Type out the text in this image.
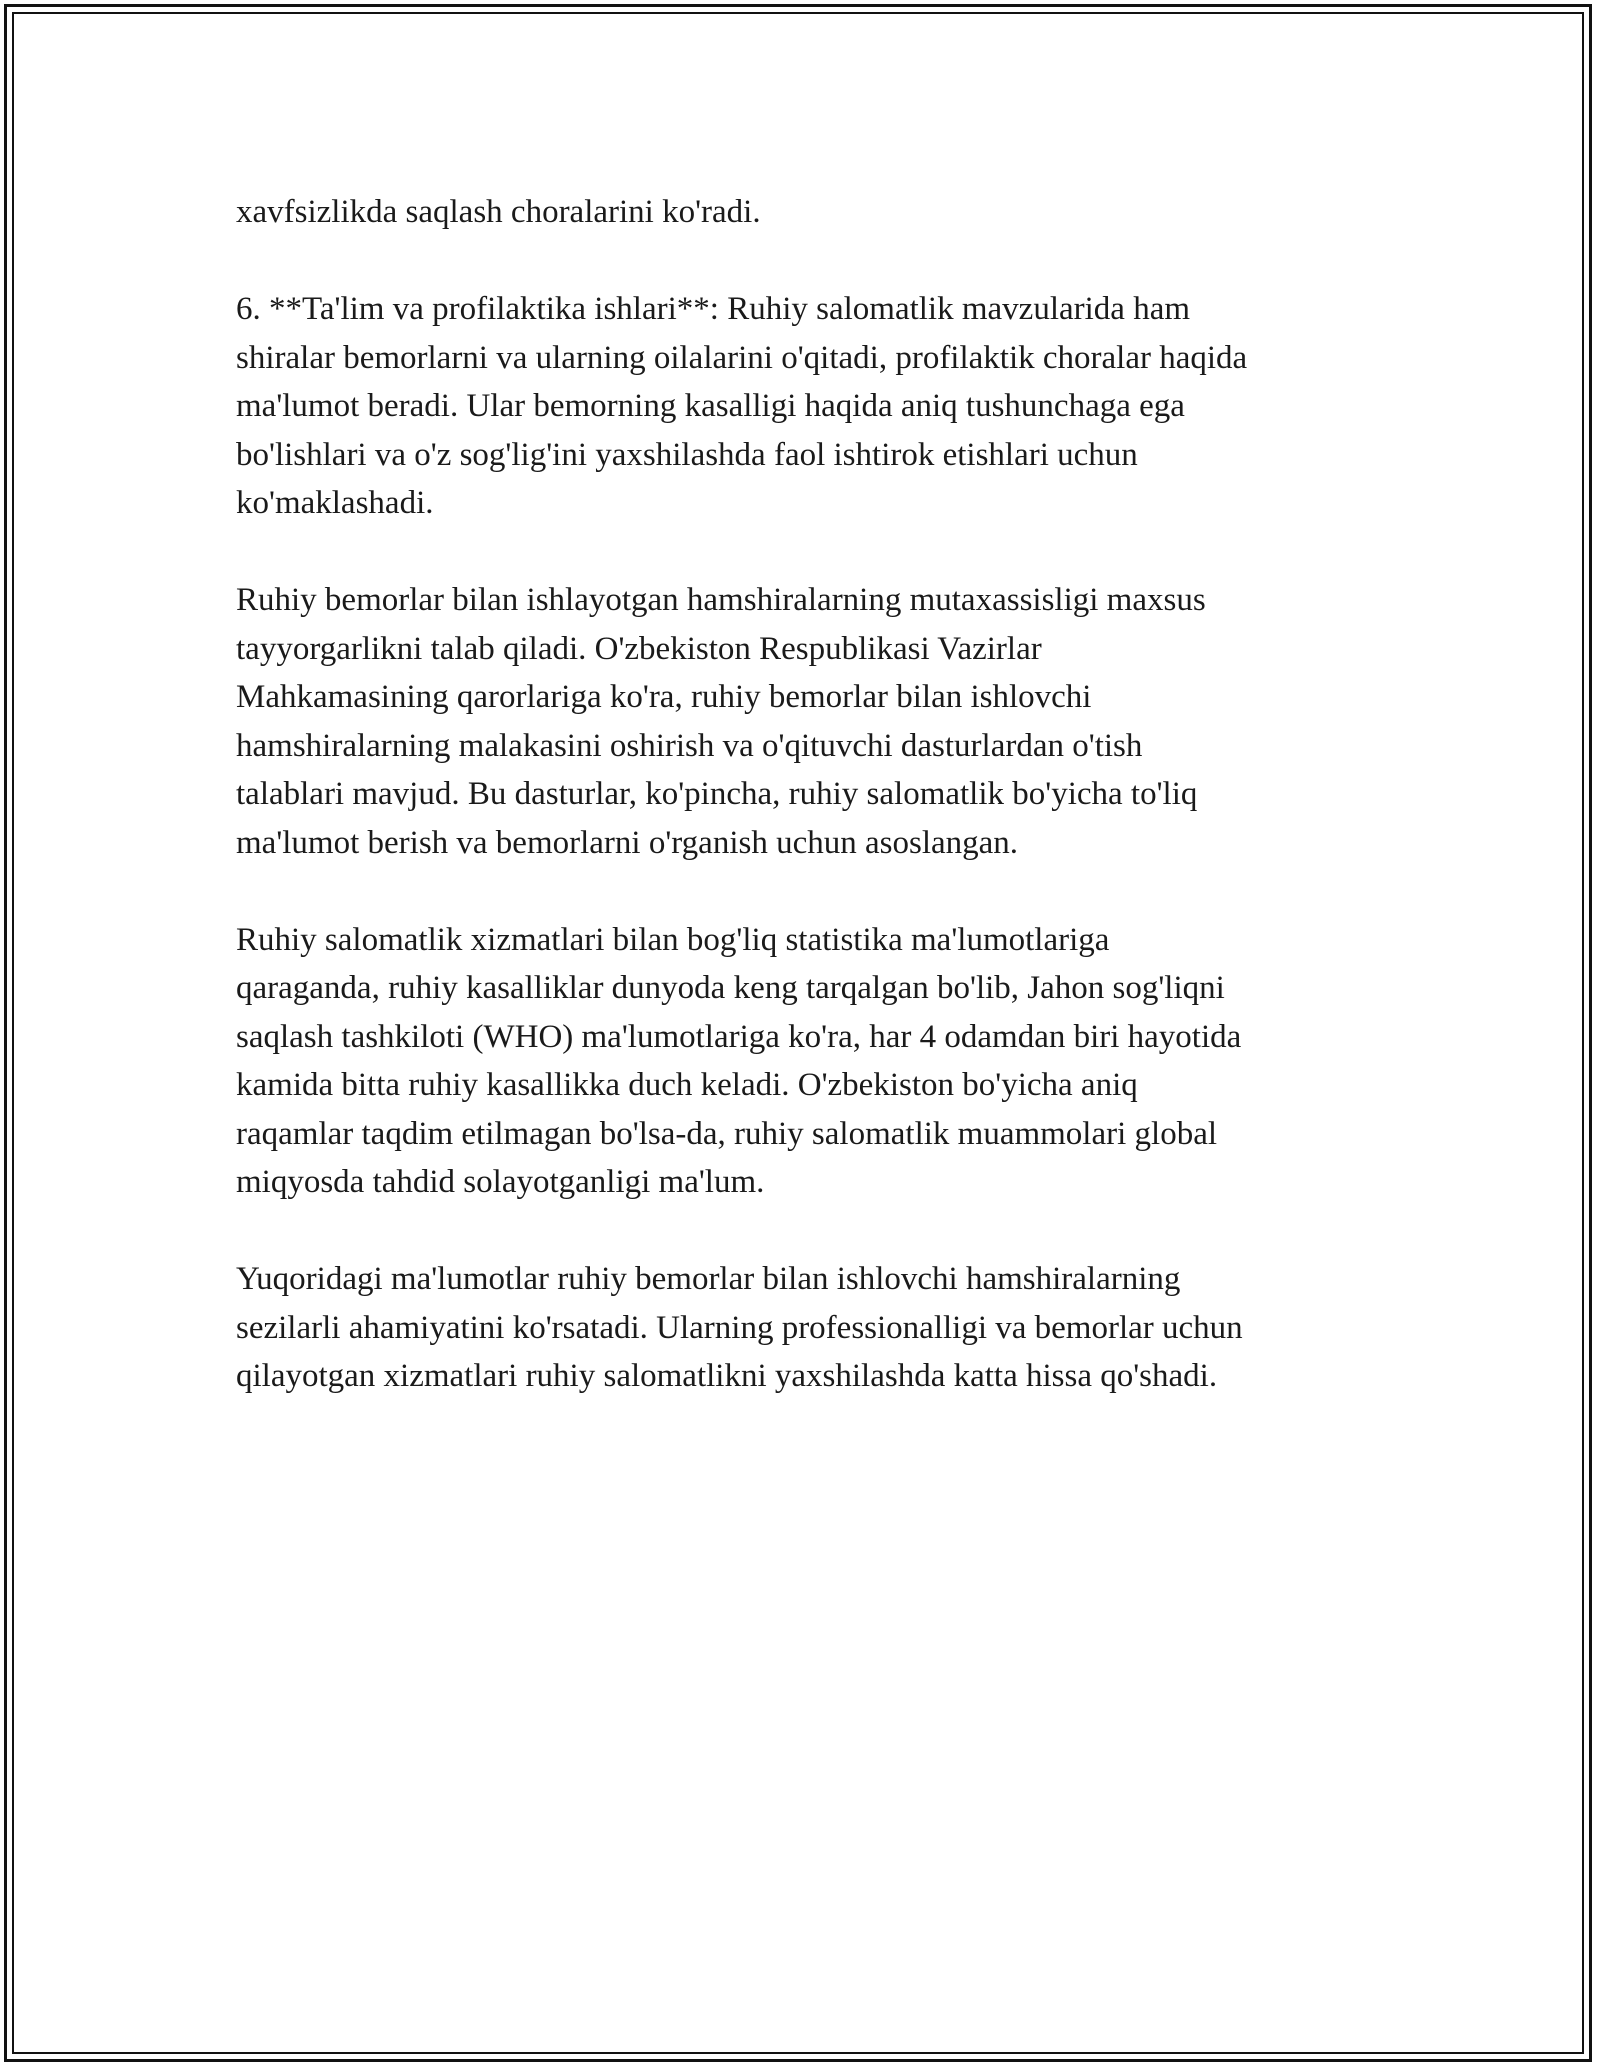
xavfsizlikda saqlash choralarini ko'radi.

6. **Ta'lim va profilaktika ishlari**: Ruhiy salomatlik mavzularida ham
shiralar bemorlarni va ularning oilalarini o'qitadi, profilaktik choralar haqida
ma'lumot beradi. Ular bemorning kasalligi haqida aniq tushunchaga ega
bo'lishlari va o'z sog'lig'ini yaxshilashda faol ishtirok etishlari uchun
ko'maklashadi.

Ruhiy bemorlar bilan ishlayotgan hamshiralarning mutaxassisligi maxsus
tayyorgarlikni talab qiladi. O'zbekiston Respublikasi Vazirlar
Mahkamasining qarorlariga ko'ra, ruhiy bemorlar bilan ishlovchi
hamshiralarning malakasini oshirish va o'qituvchi dasturlardan o'tish
talablari mavjud. Bu dasturlar, ko'pincha, ruhiy salomatlik bo'yicha to'liq
ma'lumot berish va bemorlarni o'rganish uchun asoslangan.

Ruhiy salomatlik xizmatlari bilan bog'liq statistika ma'lumotlariga
qaraganda, ruhiy kasalliklar dunyoda keng tarqalgan bo'lib, Jahon sog'liqni
saqlash tashkiloti (WHO) ma'lumotlariga ko'ra, har 4 odamdan biri hayotida
kamida bitta ruhiy kasallikka duch keladi. O'zbekiston bo'yicha aniq
raqamlar taqdim etilmagan bo'lsa-da, ruhiy salomatlik muammolari global
miqyosda tahdid solayotganligi ma'lum.

Yuqoridagi ma'lumotlar ruhiy bemorlar bilan ishlovchi hamshiralarning
sezilarli ahamiyatini ko'rsatadi. Ularning professionalligi va bemorlar uchun
qilayotgan xizmatlari ruhiy salomatlikni yaxshilashda katta hissa qo'shadi.
